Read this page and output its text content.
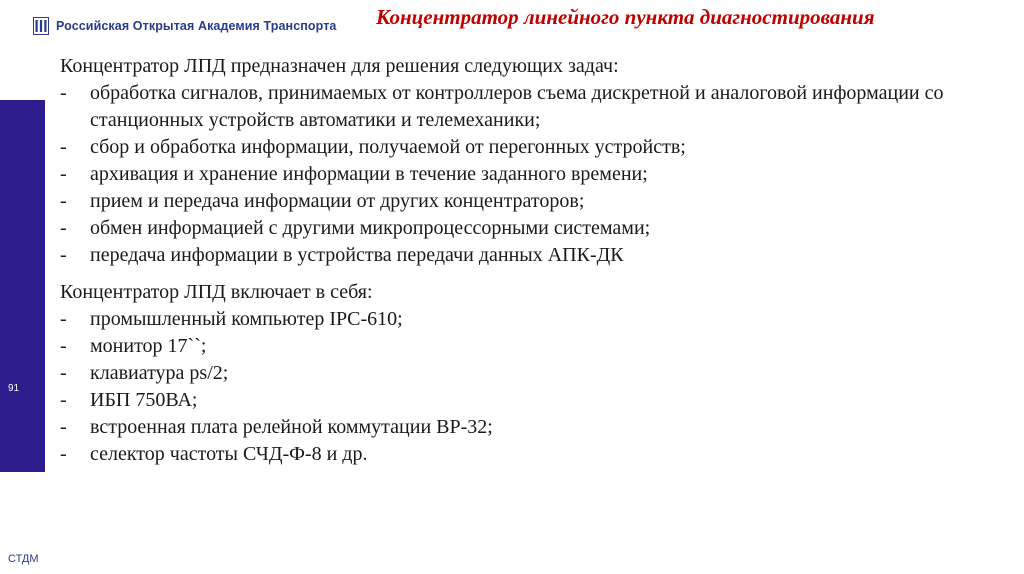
Российская Открытая Академия Транспорта Концентратор линейного пункта диагностирования
91
СТДМ

Концентратор ЛПД предназначен для решения следующих задач:

- обработка сигналов, принимаемых от контроллеров съема дискретной и аналоговой информации со станционных устройств автоматики и телемеханики;
- сбор и обработка информации, получаемой от перегонных устройств;
- архивация и хранение информации в течение заданного времени;
- прием и передача информации от других концентраторов;
- обмен информацией с другими микропроцессорными системами;
- передача информации в устройства передачи данных АПК-ДК

Концентратор ЛПД включает в себя:

- промышленный компьютер IPC-610;
- монитор 17``;
- клавиатура ps/2;
- ИБП 750ВА;
- встроенная плата релейной коммутации ВР-32;
- селектор частоты СЧД-Ф-8 и др.
